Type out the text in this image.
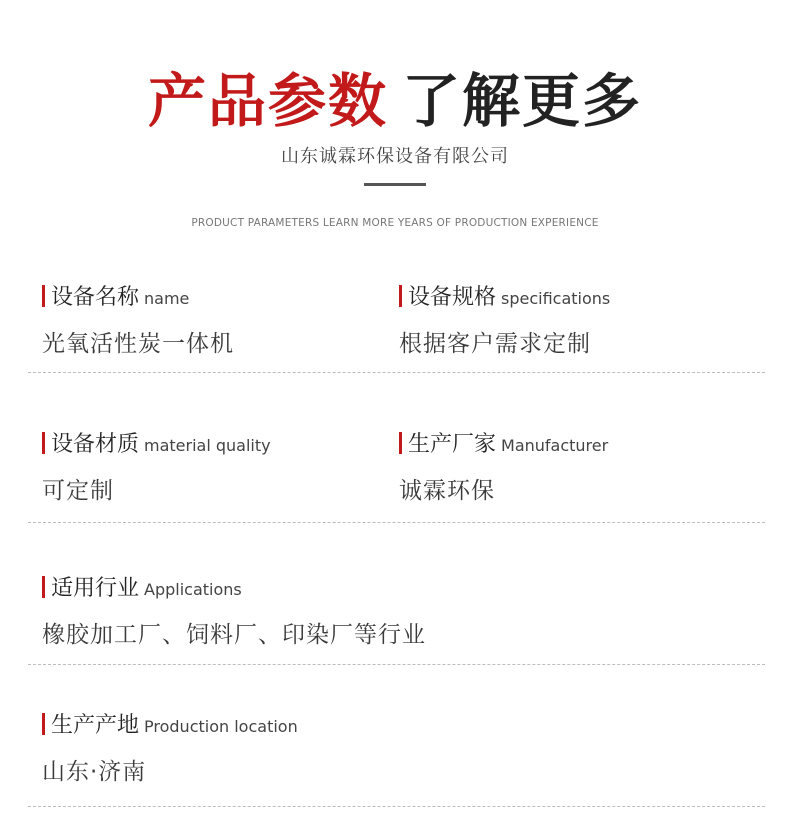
产品参数 了解更多
山东诚霖环保设备有限公司
PRODUCT PARAMETERS LEARN MORE YEARS OF PRODUCTION EXPERIENCE
设备名称 name
光氧活性炭一体机
设备规格 specifications
根据客户需求定制
设备材质 material quality
可定制
生产厂家 Manufacturer
诚霖环保
适用行业 Applications
橡胶加工厂、饲料厂、印染厂等行业
生产产地 Production location
山东·济南
